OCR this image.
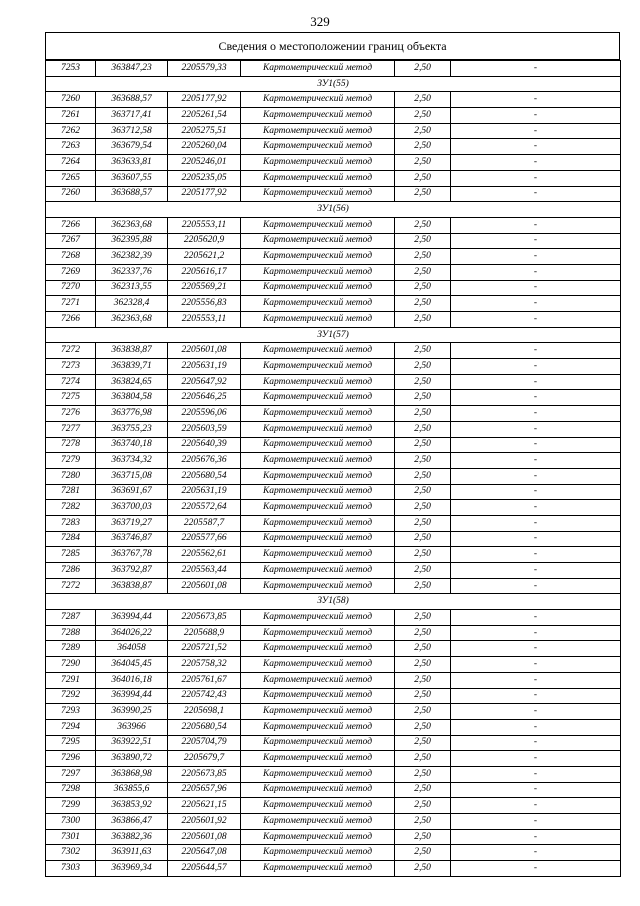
329
Сведения о местоположении границ объекта
7253	363847,23	2205579,33	Картометрический метод	2,50	-
ЗУ1(55)					
7260	363688,57	2205177,92	Картометрический метод	2,50	-
7261	363717,41	2205261,54	Картометрический метод	2,50	-
7262	363712,58	2205275,51	Картометрический метод	2,50	-
7263	363679,54	2205260,04	Картометрический метод	2,50	-
7264	363633,81	2205246,01	Картометрический метод	2,50	-
7265	363607,55	2205235,05	Картометрический метод	2,50	-
7260	363688,57	2205177,92	Картометрический метод	2,50	-
ЗУ1(56)					
7266	362363,68	2205553,11	Картометрический метод	2,50	-
7267	362395,88	2205620,9	Картометрический метод	2,50	-
7268	362382,39	2205621,2	Картометрический метод	2,50	-
7269	362337,76	2205616,17	Картометрический метод	2,50	-
7270	362313,55	2205569,21	Картометрический метод	2,50	-
7271	362328,4	2205556,83	Картометрический метод	2,50	-
7266	362363,68	2205553,11	Картометрический метод	2,50	-
ЗУ1(57)					
7272	363838,87	2205601,08	Картометрический метод	2,50	-
7273	363839,71	2205631,19	Картометрический метод	2,50	-
7274	363824,65	2205647,92	Картометрический метод	2,50	-
7275	363804,58	2205646,25	Картометрический метод	2,50	-
7276	363776,98	2205596,06	Картометрический метод	2,50	-
7277	363755,23	2205603,59	Картометрический метод	2,50	-
7278	363740,18	2205640,39	Картометрический метод	2,50	-
7279	363734,32	2205676,36	Картометрический метод	2,50	-
7280	363715,08	2205680,54	Картометрический метод	2,50	-
7281	363691,67	2205631,19	Картометрический метод	2,50	-
7282	363700,03	2205572,64	Картометрический метод	2,50	-
7283	363719,27	2205587,7	Картометрический метод	2,50	-
7284	363746,87	2205577,66	Картометрический метод	2,50	-
7285	363767,78	2205562,61	Картометрический метод	2,50	-
7286	363792,87	2205563,44	Картометрический метод	2,50	-
7272	363838,87	2205601,08	Картометрический метод	2,50	-
ЗУ1(58)					
7287	363994,44	2205673,85	Картометрический метод	2,50	-
7288	364026,22	2205688,9	Картометрический метод	2,50	-
7289	364058	2205721,52	Картометрический метод	2,50	-
7290	364045,45	2205758,32	Картометрический метод	2,50	-
7291	364016,18	2205761,67	Картометрический метод	2,50	-
7292	363994,44	2205742,43	Картометрический метод	2,50	-
7293	363990,25	2205698,1	Картометрический метод	2,50	-
7294	363966	2205680,54	Картометрический метод	2,50	-
7295	363922,51	2205704,79	Картометрический метод	2,50	-
7296	363890,72	2205679,7	Картометрический метод	2,50	-
7297	363868,98	2205673,85	Картометрический метод	2,50	-
7298	363855,6	2205657,96	Картометрический метод	2,50	-
7299	363853,92	2205621,15	Картометрический метод	2,50	-
7300	363866,47	2205601,92	Картометрический метод	2,50	-
7301	363882,36	2205601,08	Картометрический метод	2,50	-
7302	363911,63	2205647,08	Картометрический метод	2,50	-
7303	363969,34	2205644,57	Картометрический метод	2,50	-
